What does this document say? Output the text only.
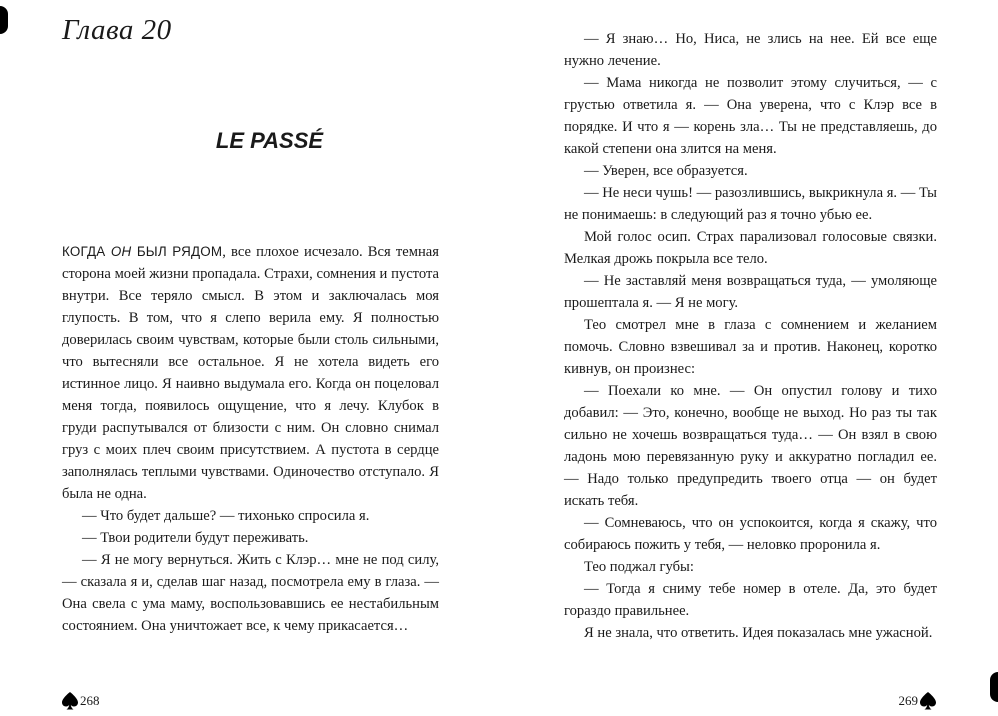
Глава 20
LE PASSÉ

КОГДА ОН БЫЛ РЯДОМ, все плохое исчезало. Вся темная сторона моей жизни пропадала. Страхи, сомнения и пустота внутри. Все теряло смысл. В этом и заключалась моя глупость. В том, что я слепо верила ему. Я полностью доверилась своим чувствам, которые были столь сильными, что вытесняли все остальное. Я не хотела видеть его истинное лицо. Я наивно выдумала его. Когда он поцеловал меня тогда, появилось ощущение, что я лечу. Клубок в груди распутывался от близости с ним. Он словно снимал груз с моих плеч своим присутствием. А пустота в сердце заполнялась теплыми чувствами. Одиночество отступало. Я была не одна.

— Что будет дальше? — тихонько спросила я.

— Твои родители будут переживать.

— Я не могу вернуться. Жить с Клэр… мне не под силу, — сказала я и, сделав шаг назад, посмотрела ему в глаза. — Она свела с ума маму, воспользовавшись ее нестабильным состоянием. Она уничтожает все, к чему прикасается…

268

— Я знаю… Но, Ниса, не злись на нее. Ей все еще нужно лечение.

— Мама никогда не позволит этому случиться, — с грустью ответила я. — Она уверена, что с Клэр все в порядке. И что я — корень зла… Ты не представляешь, до какой степени она злится на меня.

— Уверен, все образуется.

— Не неси чушь! — разозлившись, выкрикнула я. — Ты не понимаешь: в следующий раз я точно убью ее.

Мой голос осип. Страх парализовал голосовые связки. Мелкая дрожь покрыла все тело.

— Не заставляй меня возвращаться туда, — умоляюще прошептала я. — Я не могу.

Тео смотрел мне в глаза с сомнением и желанием помочь. Словно взвешивал за и против. Наконец, коротко кивнув, он произнес:

— Поехали ко мне. — Он опустил голову и тихо добавил: — Это, конечно, вообще не выход. Но раз ты так сильно не хочешь возвращаться туда… — Он взял в свою ладонь мою перевязанную руку и аккуратно погладил ее. — Надо только предупредить твоего отца — он будет искать тебя.

— Сомневаюсь, что он успокоится, когда я скажу, что собираюсь пожить у тебя, — неловко проронила я.

Тео поджал губы:

— Тогда я сниму тебе номер в отеле. Да, это будет гораздо правильнее.

Я не знала, что ответить. Идея показалась мне ужасной.

269
